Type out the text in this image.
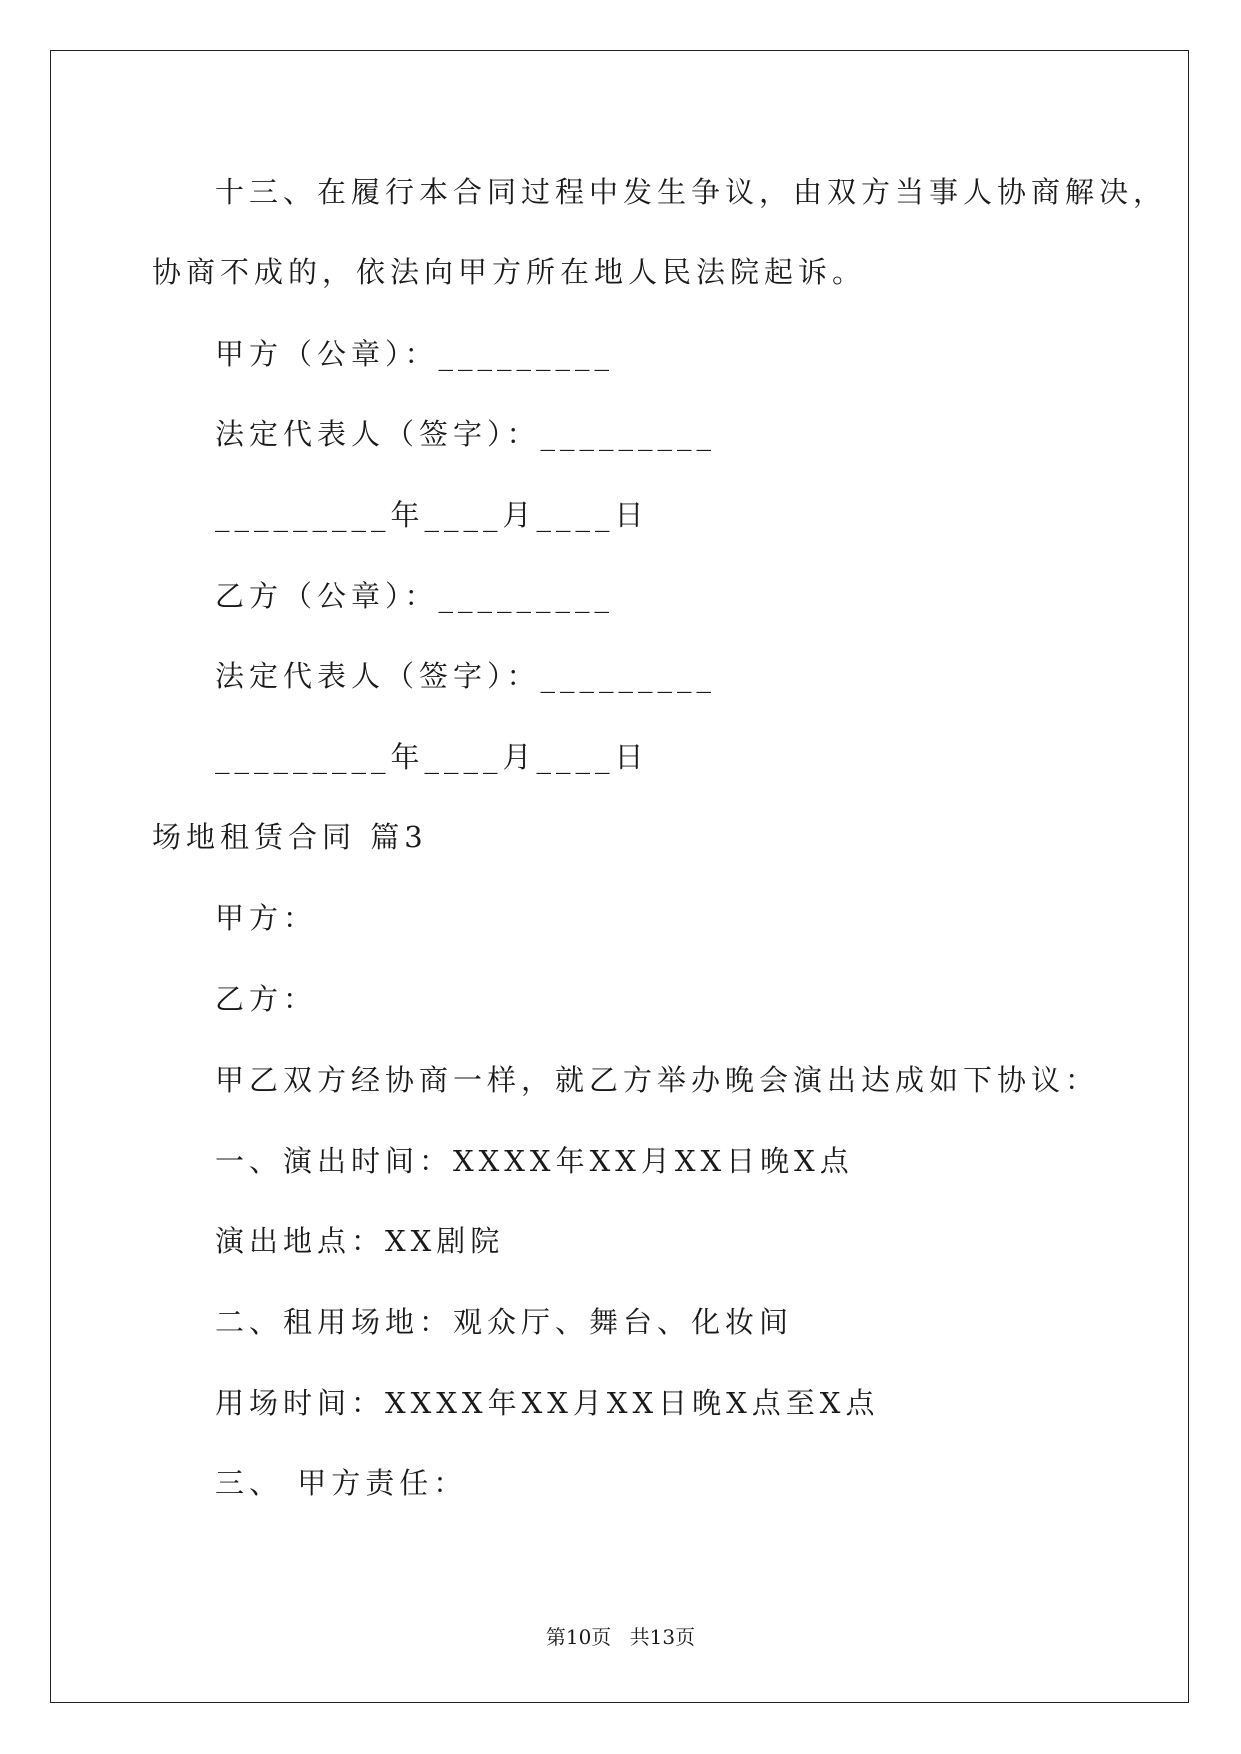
十三、在履行本合同过程中发生争议，由双方当事人协商解决，
协商不成的，依法向甲方所在地人民法院起诉。
甲方（公章）：_________
法定代表人（签字）：_________
_________年____月____日
乙方（公章）：_________
法定代表人（签字）：_________
_________年____月____日
场地租赁合同 篇3
甲方：
乙方：
甲乙双方经协商一样，就乙方举办晚会演出达成如下协议：
一、演出时间：XXXX年XX月XX日晚X点
演出地点：XX剧院
二、租用场地：观众厅、舞台、化妆间
用场时间：XXXX年XX月XX日晚X点至X点
三、 甲方责任：
第10页 共13页
